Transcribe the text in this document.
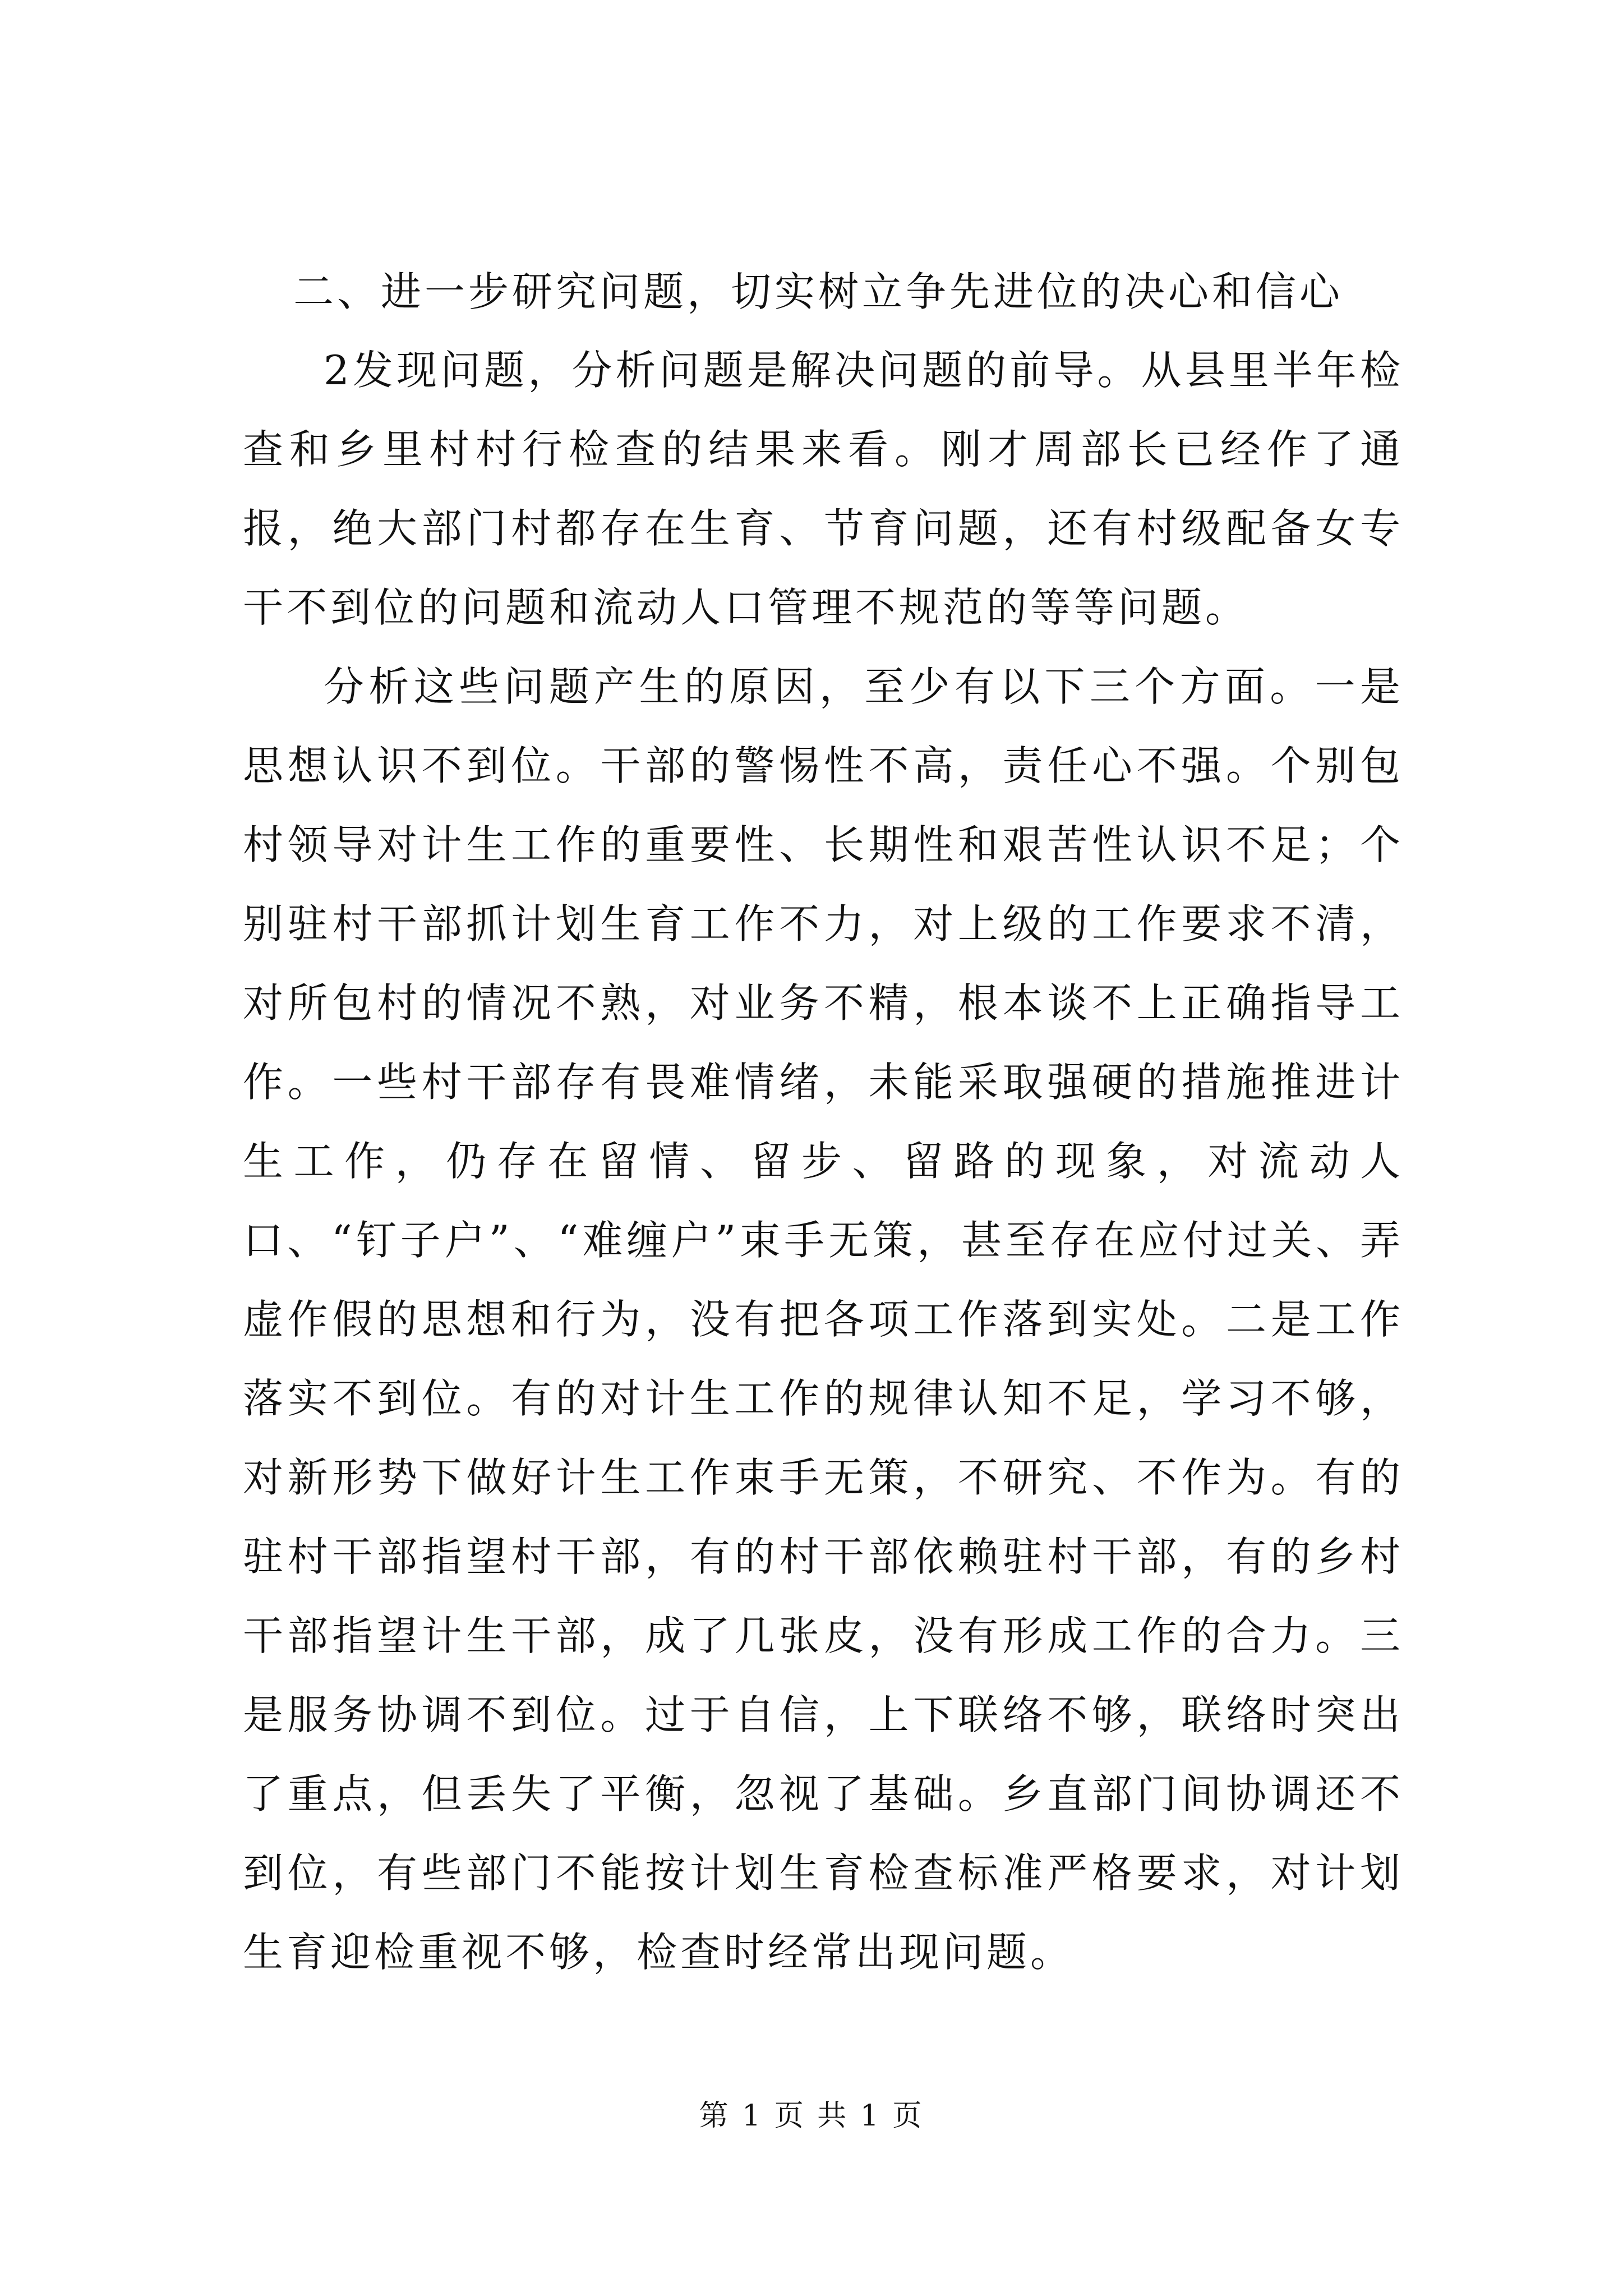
二、进一步研究问题，切实树立争先进位的决心和信心

2发现问题，分析问题是解决问题的前导。从县里半年检查和乡里村村行检查的结果来看。刚才周部长已经作了通报，绝大部门村都存在生育、节育问题，还有村级配备女专干不到位的问题和流动人口管理不规范的等等问题。

分析这些问题产生的原因，至少有以下三个方面。一是思想认识不到位。干部的警惕性不高，责任心不强。个别包村领导对计生工作的重要性、长期性和艰苦性认识不足；个别驻村干部抓计划生育工作不力，对上级的工作要求不清，对所包村的情况不熟，对业务不精，根本谈不上正确指导工作。一些村干部存有畏难情绪，未能采取强硬的措施推进计生工作，仍存在留情、留步、留路的现象，对流动人口、“钉子户”、“难缠户”束手无策，甚至存在应付过关、弄虚作假的思想和行为，没有把各项工作落到实处。二是工作落实不到位。有的对计生工作的规律认知不足，学习不够，对新形势下做好计生工作束手无策，不研究、不作为。有的驻村干部指望村干部，有的村干部依赖驻村干部，有的乡村干部指望计生干部，成了几张皮，没有形成工作的合力。三是服务协调不到位。过于自信，上下联络不够，联络时突出了重点，但丢失了平衡，忽视了基础。乡直部门间协调还不到位，有些部门不能按计划生育检查标准严格要求，对计划生育迎检重视不够，检查时经常出现问题。

第 1 页 共 1 页
